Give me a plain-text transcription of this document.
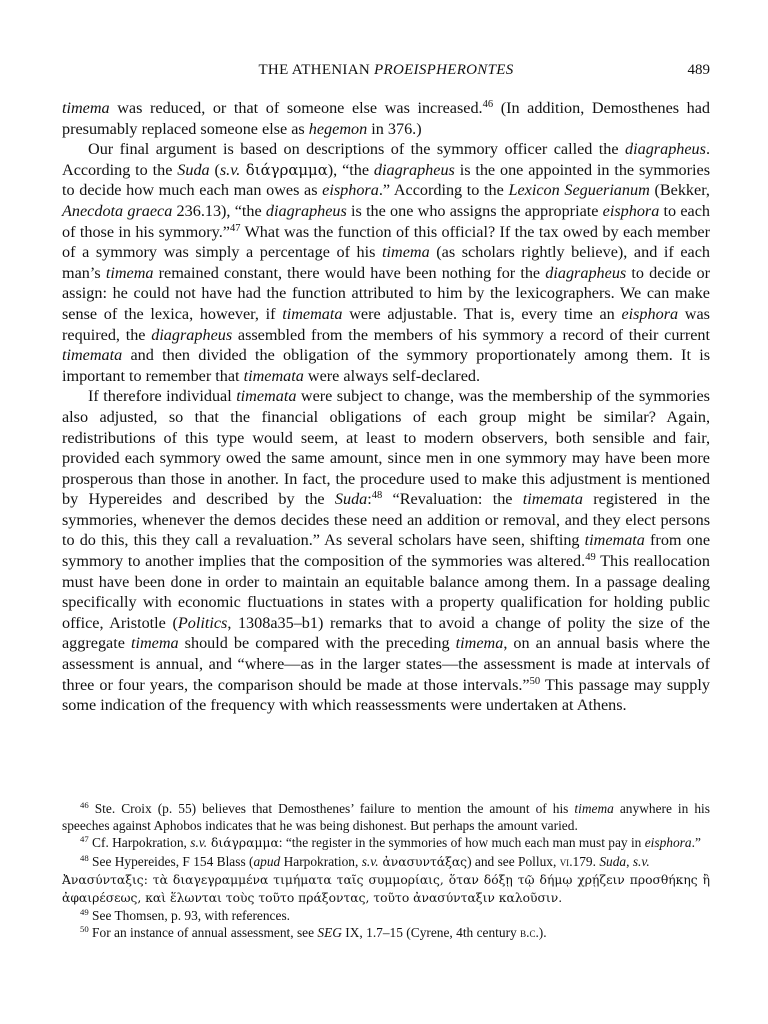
THE ATHENIAN PROEISPHERONTES	489

timema was reduced, or that of someone else was increased.$^{46}$ (In addition, Demosthenes had presumably replaced someone else as hegemon in 376.)

Our final argument is based on descriptions of the symmory officer called the diagrapheus. According to the Suda (s.v. διάγραμμα), “the diagrapheus is the one appointed in the symmories to decide how much each man owes as eisphora.” According to the Lexicon Seguerianum (Bekker, Anecdota graeca 236.13), “the diagrapheus is the one who assigns the appropriate eisphora to each of those in his symmory.”$^{47}$ What was the function of this official? If the tax owed by each member of a symmory was simply a percentage of his timema (as scholars rightly believe), and if each man’s timema remained constant, there would have been nothing for the diagrapheus to decide or assign: he could not have had the function attributed to him by the lexicographers. We can make sense of the lexica, however, if timemata were adjustable. That is, every time an eisphora was required, the diagrapheus assembled from the members of his symmory a record of their current timemata and then divided the obligation of the symmory proportionately among them. It is important to remember that timemata were always self-declared.

If therefore individual timemata were subject to change, was the membership of the symmories also adjusted, so that the financial obligations of each group might be similar? Again, redistributions of this type would seem, at least to modern observers, both sensible and fair, provided each symmory owed the same amount, since men in one symmory may have been more prosperous than those in another. In fact, the procedure used to make this adjustment is mentioned by Hypereides and described by the Suda:$^{48}$ “Revaluation: the timemata registered in the symmories, whenever the demos decides these need an addition or removal, and they elect persons to do this, this they call a revaluation.” As several scholars have seen, shifting timemata from one symmory to another implies that the composition of the symmories was altered.$^{49}$ This reallocation must have been done in order to maintain an equitable balance among them. In a passage dealing specifically with economic fluctuations in states with a property qualification for holding public office, Aristotle (Politics, 1308a35–b1) remarks that to avoid a change of polity the size of the aggregate timema should be compared with the preceding timema, on an annual basis where the assessment is annual, and “where—as in the larger states—the assessment is made at intervals of three or four years, the comparison should be made at those intervals.”$^{50}$ This passage may supply some indication of the frequency with which reassessments were undertaken at Athens.

$^{46}$ Ste. Croix (p. 55) believes that Demosthenes’ failure to mention the amount of his timema anywhere in his speeches against Aphobos indicates that he was being dishonest. But perhaps the amount varied.

$^{47}$ Cf. Harpokration, s.v. διάγραμμα: “the register in the symmories of how much each man must pay in eisphora.”

$^{48}$ See Hypereides, F 154 Blass (apud Harpokration, s.v. ἀνασυντάξας) and see Pollux, vi.179. Suda, s.v.
Ἀνασύνταξις: τὰ διαγεγραμμένα τιμήματα ταῖς συμμορίαις, ὅταν δόξῃ τῷ δήμῳ χρῄζειν προσθήκης ἢ ἀφαιρέσεως, καὶ ἕλωνται τοὺς τοῦτο πράξοντας, τοῦτο ἀνασύνταξιν καλοῦσιν.

$^{49}$ See Thomsen, p. 93, with references.

$^{50}$ For an instance of annual assessment, see SEG IX, 1.7–15 (Cyrene, 4th century b.c.).
